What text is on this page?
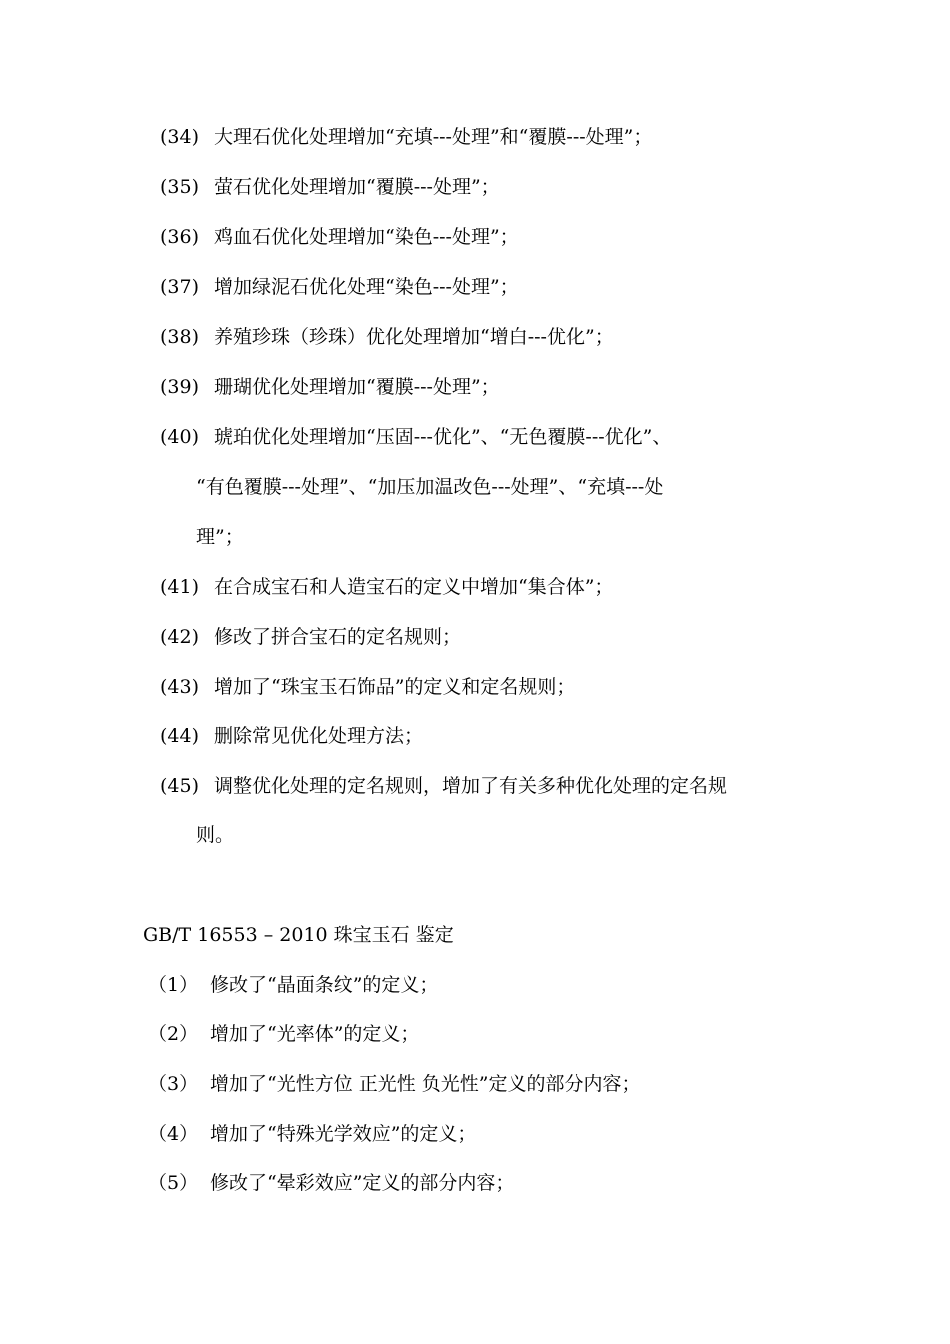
(34) 大理石优化处理增加“充填---处理”和“覆膜---处理”；
(35) 萤石优化处理增加“覆膜---处理”；
(36) 鸡血石优化处理增加“染色---处理”；
(37) 增加绿泥石优化处理“染色---处理”；
(38) 养殖珍珠（珍珠）优化处理增加“增白---优化”；
(39) 珊瑚优化处理增加“覆膜---处理”；
(40) 琥珀优化处理增加“压固---优化”、“无色覆膜---优化”、
“有色覆膜---处理”、“加压加温改色---处理”、“充填---处
理”；
(41) 在合成宝石和人造宝石的定义中增加“集合体”；
(42) 修改了拼合宝石的定名规则；
(43) 增加了“珠宝玉石饰品”的定义和定名规则；
(44) 删除常见优化处理方法；
(45) 调整优化处理的定名规则，增加了有关多种优化处理的定名规
则。
GB/T 16553 – 2010 珠宝玉石 鉴定
（1） 修改了“晶面条纹”的定义；
（2） 增加了“光率体”的定义；
（3） 增加了“光性方位 正光性 负光性”定义的部分内容；
（4） 增加了“特殊光学效应”的定义；
（5） 修改了“晕彩效应”定义的部分内容；
